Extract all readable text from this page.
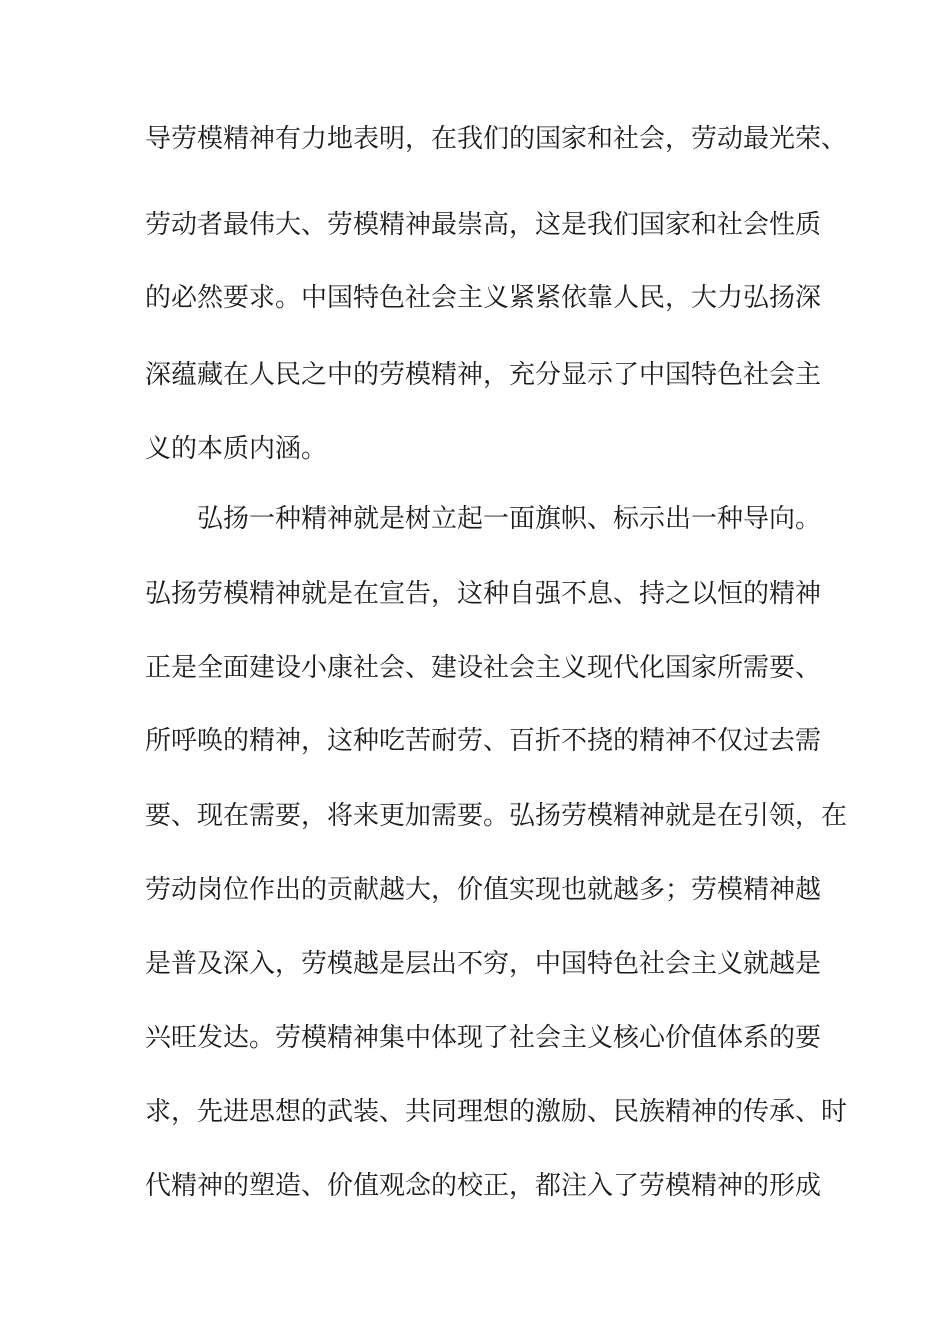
导劳模精神有力地表明，在我们的国家和社会，劳动最光荣、
劳动者最伟大、劳模精神最崇高，这是我们国家和社会性质
的必然要求。中国特色社会主义紧紧依靠人民，大力弘扬深
深蕴藏在人民之中的劳模精神，充分显示了中国特色社会主
义的本质内涵。
弘扬一种精神就是树立起一面旗帜、标示出一种导向。
弘扬劳模精神就是在宣告，这种自强不息、持之以恒的精神
正是全面建设小康社会、建设社会主义现代化国家所需要、
所呼唤的精神，这种吃苦耐劳、百折不挠的精神不仅过去需
要、现在需要，将来更加需要。弘扬劳模精神就是在引领，在
劳动岗位作出的贡献越大，价值实现也就越多；劳模精神越
是普及深入，劳模越是层出不穷，中国特色社会主义就越是
兴旺发达。劳模精神集中体现了社会主义核心价值体系的要
求，先进思想的武装、共同理想的激励、民族精神的传承、时
代精神的塑造、价值观念的校正，都注入了劳模精神的形成
